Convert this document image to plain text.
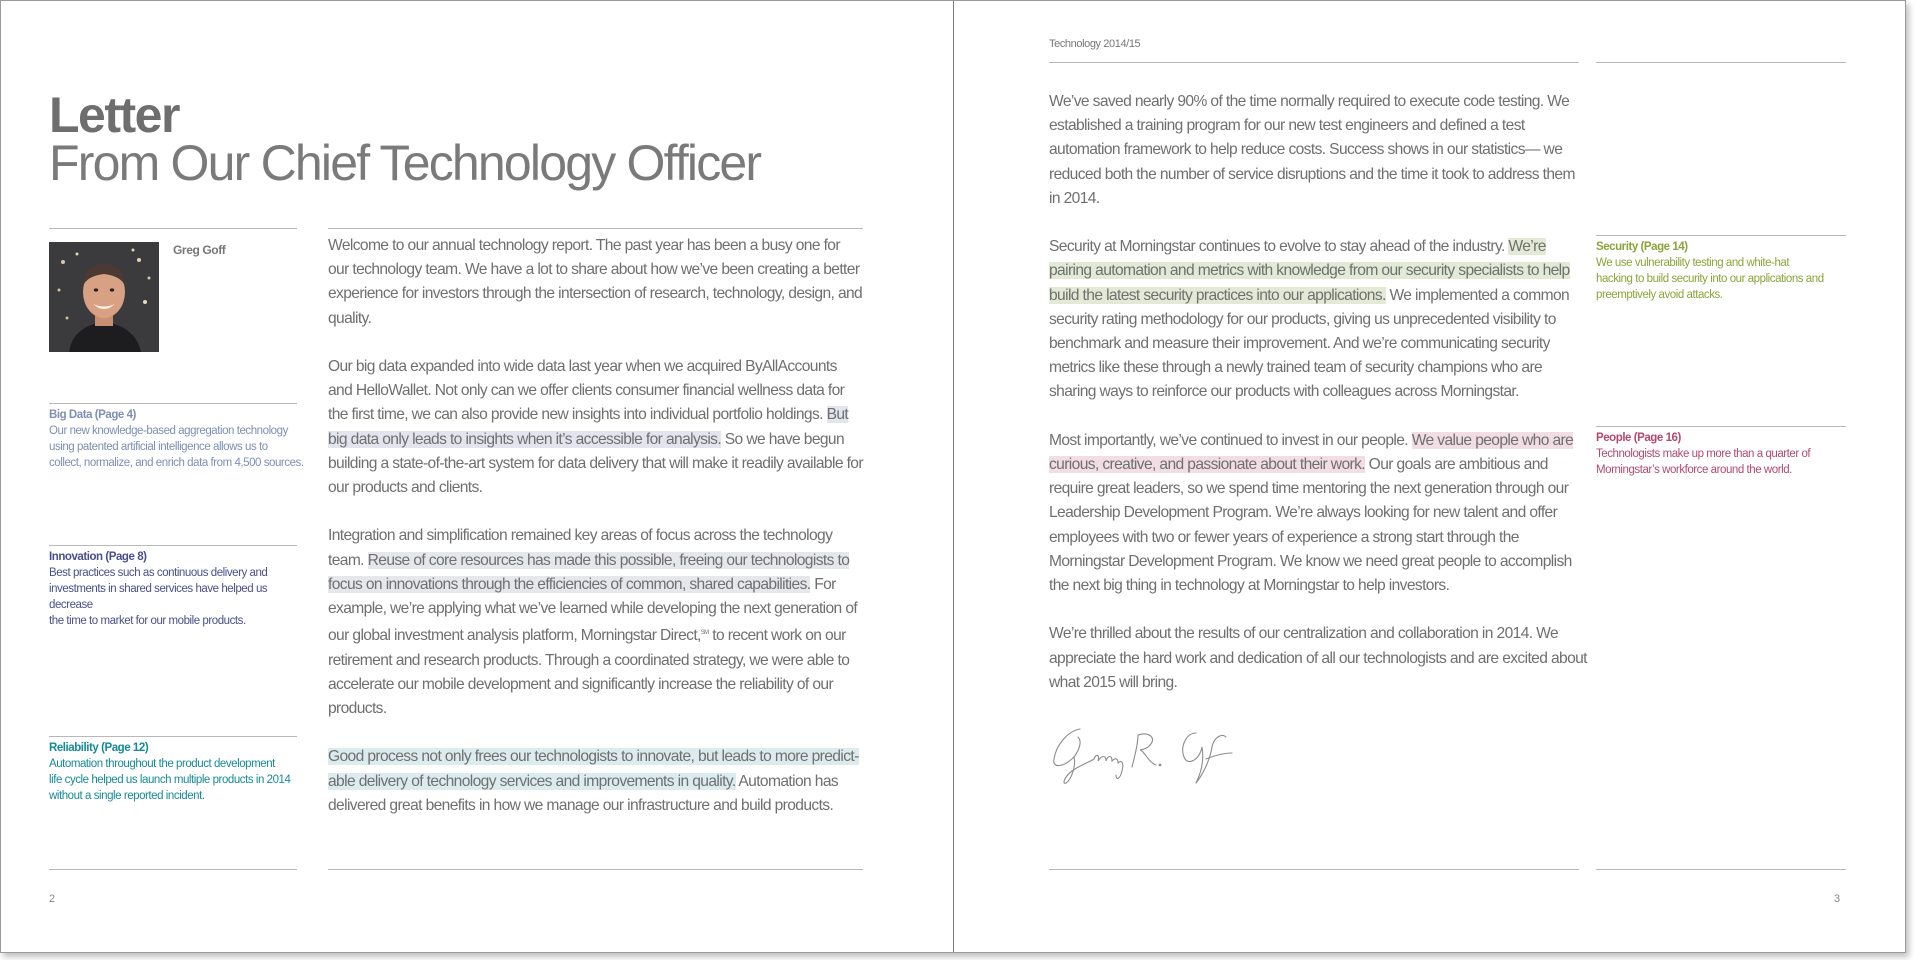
Letter
From Our Chief Technology Officer
Greg Goff
Big Data (Page 4)
Our new knowledge-based aggregation technology
using patented artificial intelligence allows us to
collect, normalize, and enrich data from 4,500 sources.
Innovation (Page 8)
Best practices such as continuous delivery and
investments in shared services have helped us decrease
the time to market for our mobile products.
Reliability (Page 12)
Automation throughout the product development
life cycle helped us launch multiple products in 2014
without a single reported incident.

Welcome to our annual technology report. The past year has been a busy one for our technology team. We have a lot to share about how we’ve been creating a better experience for investors through the intersection of research, technology, design, and quality.

Our big data expanded into wide data last year when we acquired ByAllAccounts and HelloWallet. Not only can we offer clients consumer financial wellness data for the first time, we can also provide new insights into individual portfolio holdings. But big data only leads to insights when it’s accessible for analysis. So we have begun building a state-of-the-art system for data delivery that will make it readily available for our products and clients.

Integration and simplification remained key areas of focus across the technology team. Reuse of core resources has made this possible, freeing our technologists to focus on innovations through the efficiencies of common, shared capabilities. For example, we’re applying what we’ve learned while developing the next generation of our global investment analysis platform, Morningstar Direct,℠ to recent work on our retirement and research products. Through a coordinated strategy, we were able to accelerate our mobile development and significantly increase the reliability of our products.

Good process not only frees our technologists to innovate, but leads to more predictable delivery of technology services and improvements in quality. Automation has delivered great benefits in how we manage our infrastructure and build products.

2
Technology 2014/15

We’ve saved nearly 90% of the time normally required to execute code testing. We established a training program for our new test engineers and defined a test automation framework to help reduce costs. Success shows in our statistics— we reduced both the number of service disruptions and the time it took to address them in 2014.

Security at Morningstar continues to evolve to stay ahead of the industry. We’re pairing automation and metrics with knowledge from our security specialists to help build the latest security practices into our applications. We implemented a common security rating methodology for our products, giving us unprecedented visibility to benchmark and measure their improvement. And we’re communicating security metrics like these through a newly trained team of security champions who are sharing ways to reinforce our products with colleagues across Morningstar.

Most importantly, we’ve continued to invest in our people. We value people who are curious, creative, and passionate about their work. Our goals are ambitious and require great leaders, so we spend time mentoring the next generation through our Leadership Development Program. We’re always looking for new talent and offer employees with two or fewer years of experience a strong start through the Morningstar Development Program. We know we need great people to accomplish the next big thing in technology at Morningstar to help investors.

We’re thrilled about the results of our centralization and collaboration in 2014. We appreciate the hard work and dedication of all our technologists and are excited about what 2015 will bring.

Security (Page 14)
We use vulnerability testing and white-hat
hacking to build security into our applications and
preemptively avoid attacks.
People (Page 16)
Technologists make up more than a quarter of
Morningstar’s workforce around the world.
3
